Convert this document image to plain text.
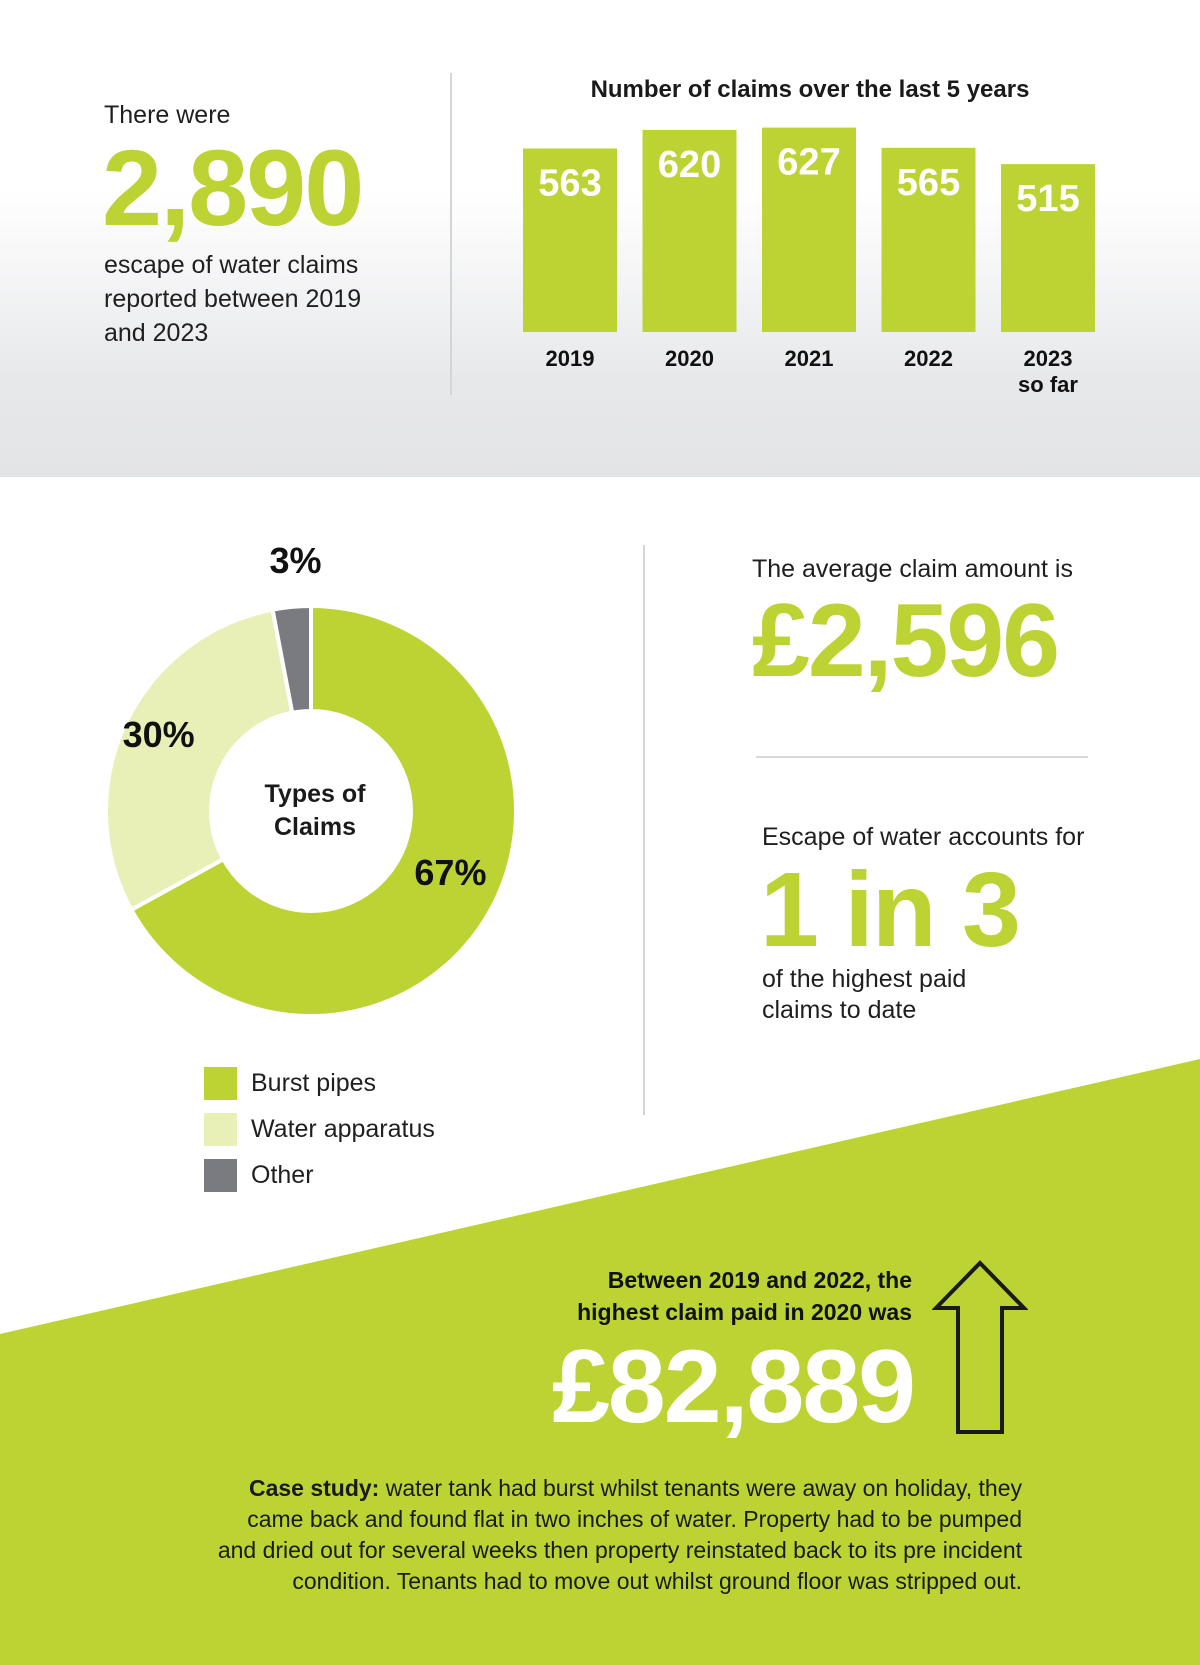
There were
2,890
escape of water claims
reported between 2019
and 2023
Number of claims over the last 5 years
563
2019
620
2020
627
2021
565
2022
515
2023
so far
67%
30%
3%
Types of
Claims
Burst pipes
Water apparatus
Other
The average claim amount is
£2,596
Escape of water accounts for
1 in 3
of the highest paid
claims to date
Between 2019 and 2022, the
highest claim paid in 2020 was
£82,889
Case study: water tank had burst whilst tenants were away on holiday, they
came back and found flat in two inches of water. Property had to be pumped
and dried out for several weeks then property reinstated back to its pre incident
condition. Tenants had to move out whilst ground floor was stripped out.
